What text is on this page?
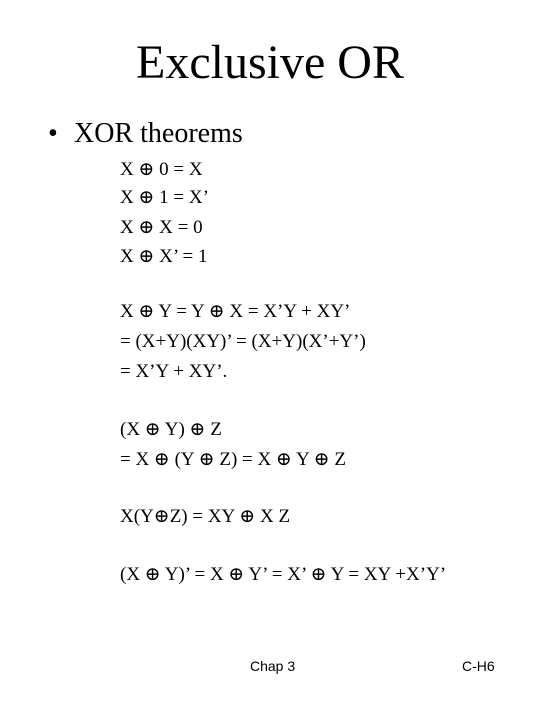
Exclusive OR
• XOR theorems
X ⊕ 0 = X
X ⊕ 1 = X’
X ⊕ X = 0
X ⊕ X’ = 1
X ⊕ Y = Y ⊕ X = X’Y + XY’
= (X+Y)(XY)’ = (X+Y)(X’+Y’)
= X’Y + XY’.
(X ⊕ Y) ⊕ Z
= X ⊕ (Y ⊕ Z) = X ⊕ Y ⊕ Z
X(Y⊕Z) = XY ⊕ X Z
(X ⊕ Y)’ = X ⊕ Y’ = X’ ⊕ Y = XY +X’Y’
Chap 3	C-H6
